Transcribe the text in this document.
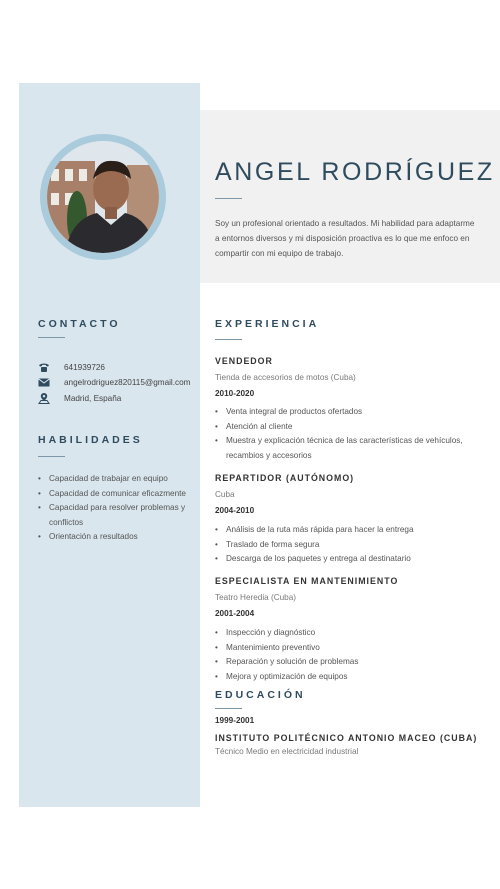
ANGEL RODRÍGUEZ
Soy un profesional orientado a resultados. Mi habilidad para adaptarme a entornos diversos y mi disposición proactiva es lo que me enfoco en compartir con mi equipo de trabajo.
CONTACTO
641939726
angelrodriguez820115@gmail.com
Madrid, España
HABILIDADES
• Capacidad de trabajar en equipo
• Capacidad de comunicar eficazmente
• Capacidad para resolver problemas y conflictos
• Orientación a resultados
EXPERIENCIA
VENDEDOR
Tienda de accesorios de motos (Cuba)
2010-2020
• Venta integral de productos ofertados
• Atención al cliente
• Muestra y explicación técnica de las características de vehículos, recambios y accesorios
REPARTIDOR (AUTÓNOMO)
Cuba
2004-2010
• Análisis de la ruta más rápida para hacer la entrega
• Traslado de forma segura
• Descarga de los paquetes y entrega al destinatario
ESPECIALISTA EN MANTENIMIENTO
Teatro Heredia (Cuba)
2001-2004
• Inspección y diagnóstico
• Mantenimiento preventivo
• Reparación y solución de problemas
• Mejora y optimización de equipos
EDUCACIÓN
1999-2001
INSTITUTO POLITÉCNICO ANTONIO MACEO (CUBA)
Técnico Medio en electricidad industrial
